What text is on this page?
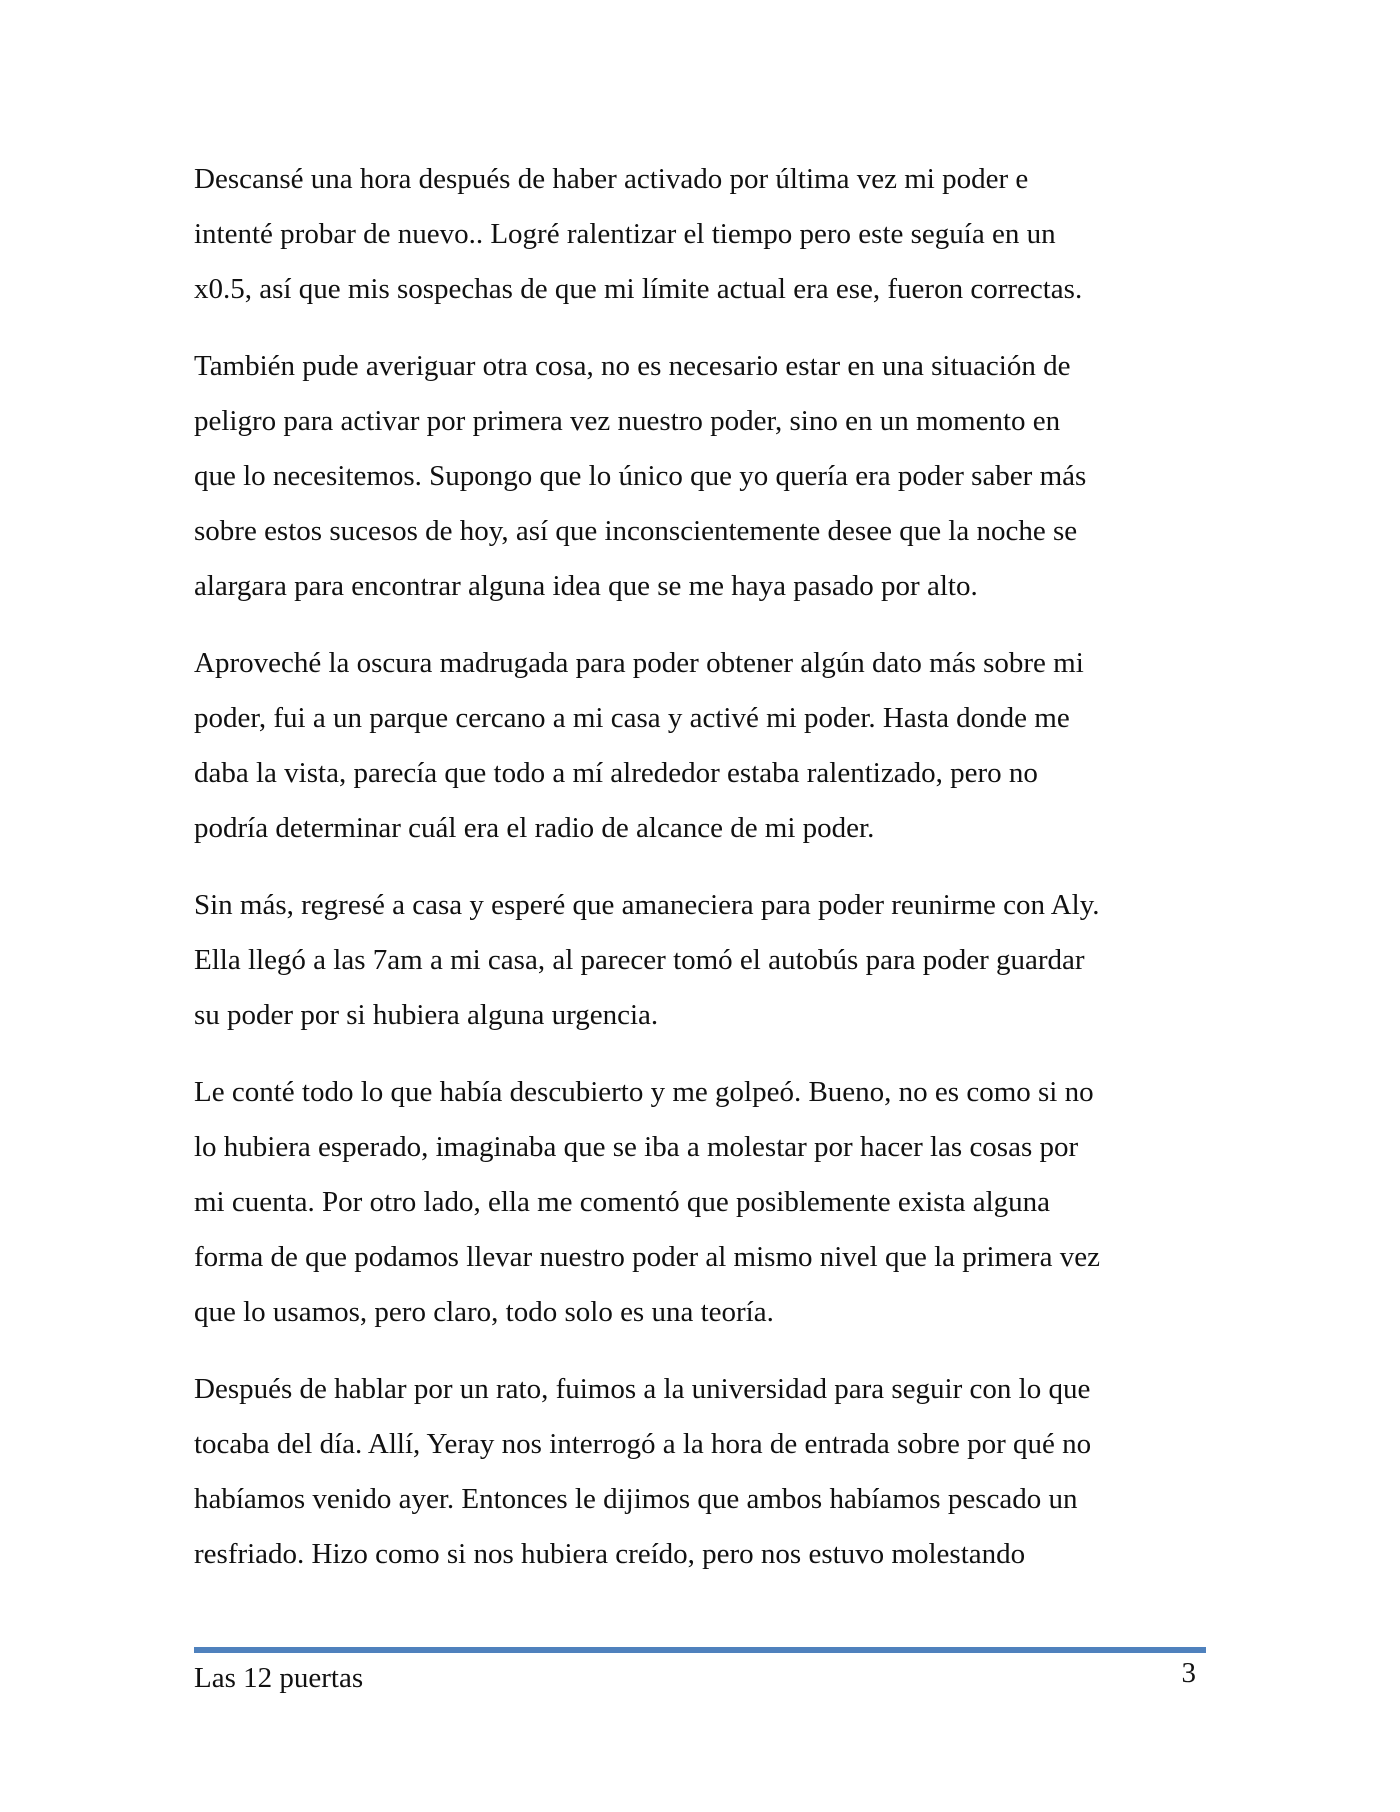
Descansé una hora después de haber activado por última vez mi poder e
intenté probar de nuevo.. Logré ralentizar el tiempo pero este seguía en un
x0.5, así que mis sospechas de que mi límite actual era ese, fueron correctas.

También pude averiguar otra cosa, no es necesario estar en una situación de
peligro para activar por primera vez nuestro poder, sino en un momento en
que lo necesitemos. Supongo que lo único que yo quería era poder saber más
sobre estos sucesos de hoy, así que inconscientemente desee que la noche se
alargara para encontrar alguna idea que se me haya pasado por alto.

Aproveché la oscura madrugada para poder obtener algún dato más sobre mi
poder, fui a un parque cercano a mi casa y activé mi poder. Hasta donde me
daba la vista, parecía que todo a mí alrededor estaba ralentizado, pero no
podría determinar cuál era el radio de alcance de mi poder.

Sin más, regresé a casa y esperé que amaneciera para poder reunirme con Aly.
Ella llegó a las 7am a mi casa, al parecer tomó el autobús para poder guardar
su poder por si hubiera alguna urgencia.

Le conté todo lo que había descubierto y me golpeó. Bueno, no es como si no
lo hubiera esperado, imaginaba que se iba a molestar por hacer las cosas por
mi cuenta. Por otro lado, ella me comentó que posiblemente exista alguna
forma de que podamos llevar nuestro poder al mismo nivel que la primera vez
que lo usamos, pero claro, todo solo es una teoría.

Después de hablar por un rato, fuimos a la universidad para seguir con lo que
tocaba del día. Allí, Yeray nos interrogó a la hora de entrada sobre por qué no
habíamos venido ayer. Entonces le dijimos que ambos habíamos pescado un
resfriado. Hizo como si nos hubiera creído, pero nos estuvo molestando

Las 12 puertas	3
